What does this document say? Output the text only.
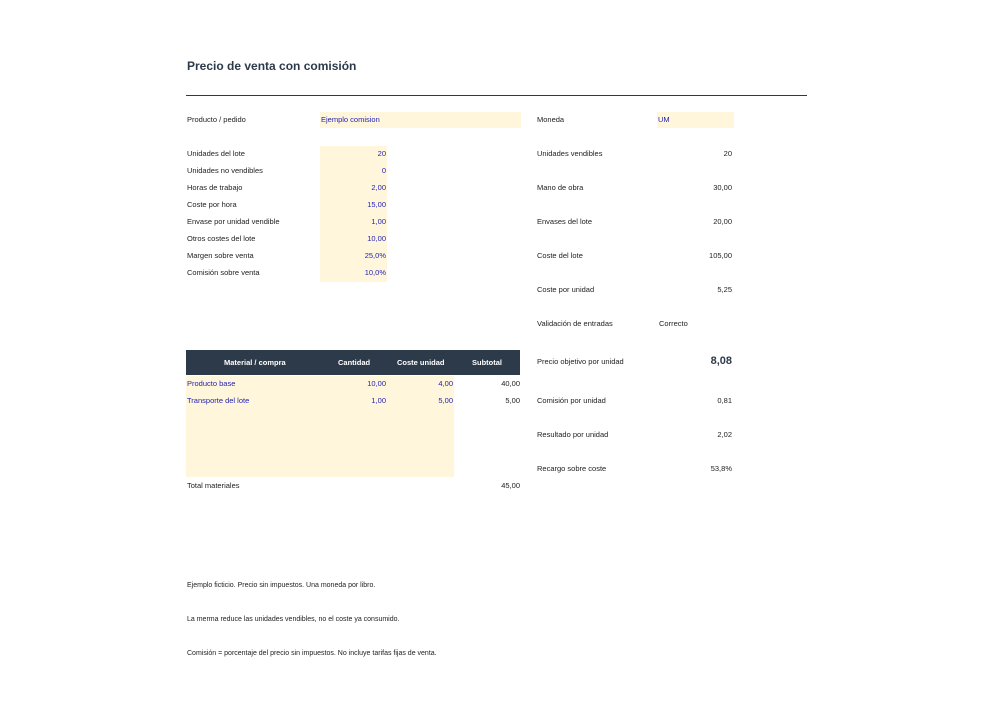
Precio de venta con comisión
Producto / pedido	Ejemplo comision	Moneda	UM
Unidades del lote	20
Unidades no vendibles	0
Horas de trabajo	2,00
Coste por hora	15,00
Envase por unidad vendible	1,00
Otros costes del lote	10,00
Margen sobre venta	25,0%
Comisión sobre venta	10,0%
Unidades vendibles	20
Mano de obra	30,00
Envases del lote	20,00
Coste del lote	105,00
Coste por unidad	5,25
Validación de entradas	Correcto
Precio objetivo por unidad	8,08
Comisión por unidad	0,81
Resultado por unidad	2,02
Recargo sobre coste	53,8%
Material / compra	Cantidad	Coste unidad	Subtotal
Producto base	10,00	4,00	40,00
Transporte del lote	1,00	5,00	5,00
Total materiales	45,00
Ejemplo ficticio. Precio sin impuestos. Una moneda por libro.
La merma reduce las unidades vendibles, no el coste ya consumido.
Comisión = porcentaje del precio sin impuestos. No incluye tarifas fijas de venta.
